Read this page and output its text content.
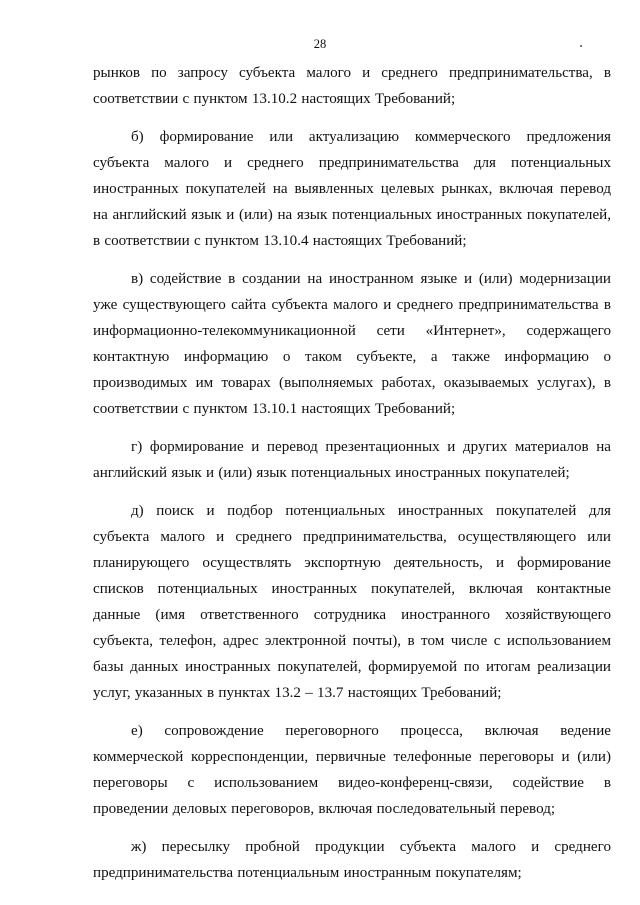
28

рынков по запросу субъекта малого и среднего предпринимательства, в соответствии с пунктом 13.10.2 настоящих Требований;

б) формирование или актуализацию коммерческого предложения субъекта малого и среднего предпринимательства для потенциальных иностранных покупателей на выявленных целевых рынках, включая перевод на английский язык и (или) на язык потенциальных иностранных покупателей, в соответствии с пунктом 13.10.4 настоящих Требований;

в) содействие в создании на иностранном языке и (или) модернизации уже существующего сайта субъекта малого и среднего предпринимательства в информационно-телекоммуникационной сети «Интернет», содержащего контактную информацию о таком субъекте, а также информацию о производимых им товарах (выполняемых работах, оказываемых услугах), в соответствии с пунктом 13.10.1 настоящих Требований;

г) формирование и перевод презентационных и других материалов на английский язык и (или) язык потенциальных иностранных покупателей;

д) поиск и подбор потенциальных иностранных покупателей для субъекта малого и среднего предпринимательства, осуществляющего или планирующего осуществлять экспортную деятельность, и формирование списков потенциальных иностранных покупателей, включая контактные данные (имя ответственного сотрудника иностранного хозяйствующего субъекта, телефон, адрес электронной почты), в том числе с использованием базы данных иностранных покупателей, формируемой по итогам реализации услуг, указанных в пунктах 13.2 – 13.7 настоящих Требований;

е) сопровождение переговорного процесса, включая ведение коммерческой корреспонденции, первичные телефонные переговоры и (или) переговоры с использованием видео-конференц-связи, содействие в проведении деловых переговоров, включая последовательный перевод;

ж) пересылку пробной продукции субъекта малого и среднего предпринимательства потенциальным иностранным покупателям;
